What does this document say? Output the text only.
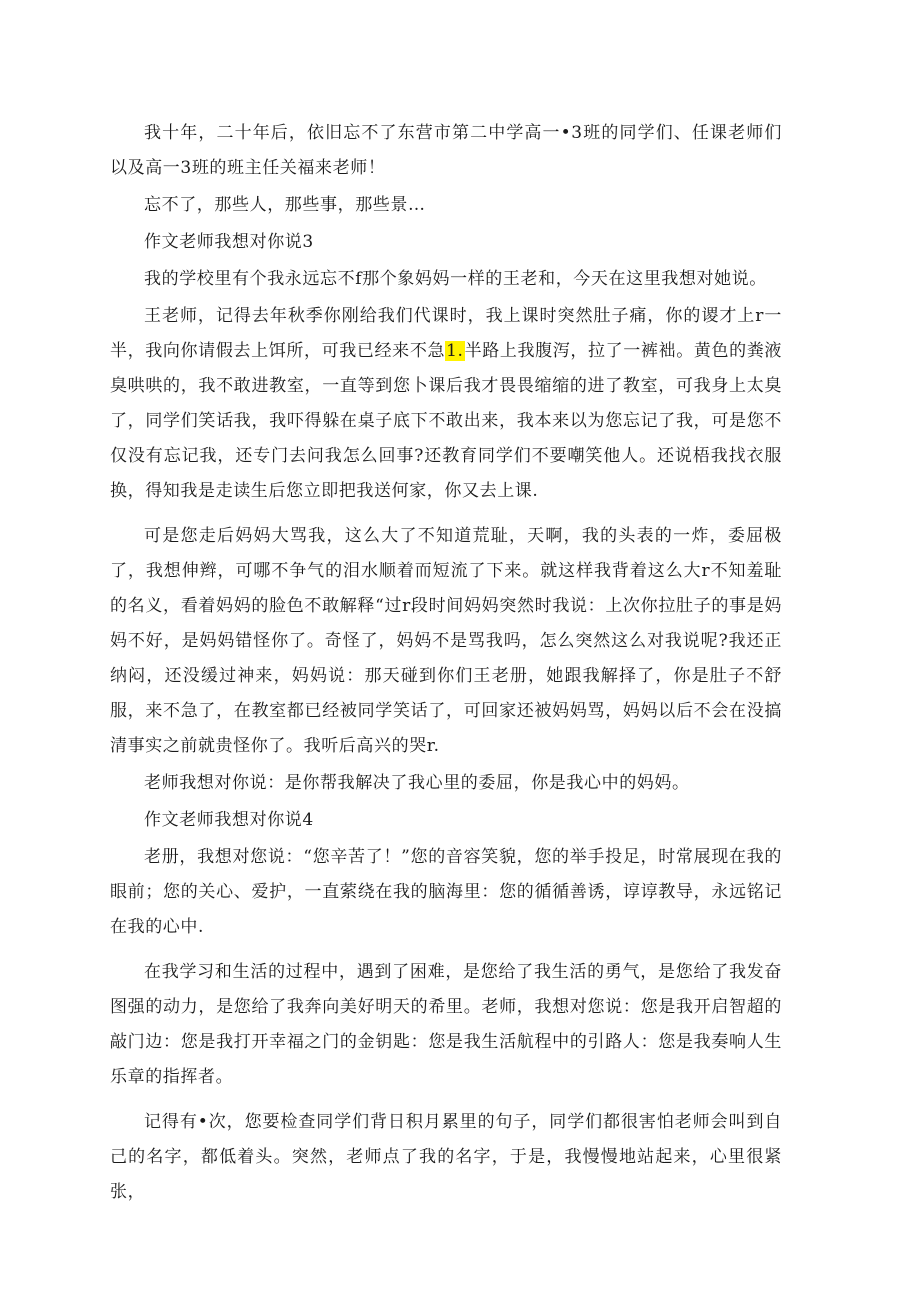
我十年，二十年后，依旧忘不了东营市第二中学高一•3班的同学们、任课老师们以及高一3班的班主任关福来老师！

忘不了，那些人，那些事，那些景…

作文老师我想对你说3

我的学校里有个我永远忘不f那个象妈妈一样的王老和，今天在这里我想对她说。

王老师，记得去年秋季你刚给我们代课时，我上课时突然肚子痛，你的谡才上r一半，我向你请假去上饵所，可我已经来不急1.半路上我腹泻，拉了一裤袦。黄色的粪液臭哄哄的，我不敢进教室，一直等到您卜课后我才畏畏缩缩的进了教室，可我身上太臭了，同学们笑话我，我吓得躲在桌子底下不敢出来，我本来以为您忘记了我，可是您不仅没有忘记我，还专门去问我怎么回事?还教育同学们不要嘲笑他人。还说梧我找衣服换，得知我是走读生后您立即把我送何家，你又去上课.

可是您走后妈妈大骂我，这么大了不知道荒耻，天啊，我的头表的一炸，委屈极了，我想伸辫，可哪不争气的泪水顺着而短流了下来。就这样我背着这么大r不知羞耻的名义，看着妈妈的脸色不敢解释“过r段时间妈妈突然时我说：上次你拉肚子的事是妈妈不好，是妈妈错怪你了。奇怪了，妈妈不是骂我吗，怎么突然这么对我说呢?我还正纳闷，还没缓过神来，妈妈说：那天碰到你们王老册，她跟我解择了，你是肚子不舒服，来不急了，在教室都已经被同学笑话了，可回家还被妈妈骂，妈妈以后不会在没搞清事实之前就贵怪你了。我听后高兴的哭r.

老师我想对你说：是你帮我解决了我心里的委屈，你是我心中的妈妈。

作文老师我想对你说4

老册，我想对您说：“您辛苦了！”您的音容笑貌，您的举手投足，时常展现在我的眼前；您的关心、爱护，一直萦绕在我的脑海里：您的循循善诱，谆谆教导，永远铭记在我的心中.

在我学习和生活的过程中，遇到了困难，是您给了我生活的勇气，是您给了我发奋图强的动力，是您给了我奔向美好明天的希里。老师，我想对您说：您是我开启智超的敲门边：您是我打开幸福之门的金钥匙：您是我生活航程中的引路人：您是我奏响人生乐章的指挥者。

记得有•次，您要检查同学们背日积月累里的句子，同学们都很害怕老师会叫到自己的名字，都低着头。突然，老师点了我的名字，于是，我慢慢地站起来，心里很紧张，
